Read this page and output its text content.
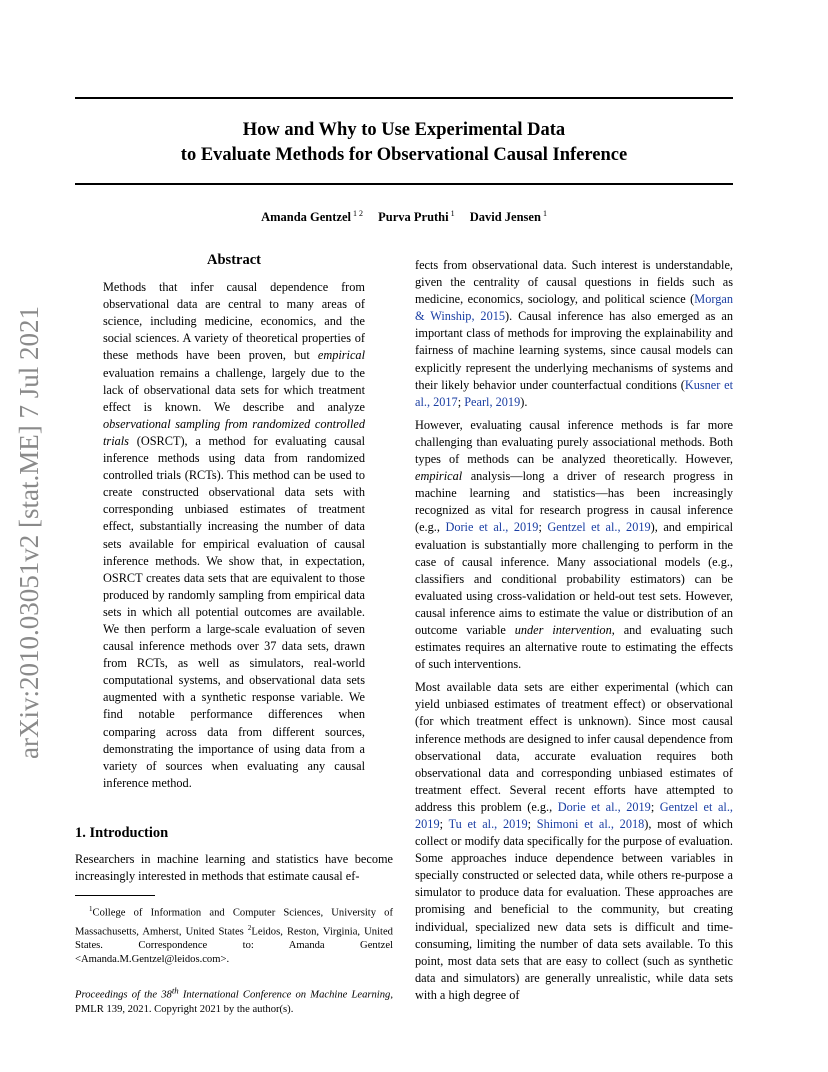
arXiv:2010.03051v2 [stat.ME] 7 Jul 2021
How and Why to Use Experimental Data
to Evaluate Methods for Observational Causal Inference
Amanda Gentzel $^{1 2}$ Purva Pruthi $^1$ David Jensen $^1$
Abstract

Methods that infer causal dependence from observational data are central to many areas of science, including medicine, economics, and the social sciences. A variety of theoretical properties of these methods have been proven, but empirical evaluation remains a challenge, largely due to the lack of observational data sets for which treatment effect is known. We describe and analyze observational sampling from randomized controlled trials (OSRCT), a method for evaluating causal inference methods using data from randomized controlled trials (RCTs). This method can be used to create constructed observational data sets with corresponding unbiased estimates of treatment effect, substantially increasing the number of data sets available for empirical evaluation of causal inference methods. We show that, in expectation, OSRCT creates data sets that are equivalent to those produced by randomly sampling from empirical data sets in which all potential outcomes are available. We then perform a large-scale evaluation of seven causal inference methods over 37 data sets, drawn from RCTs, as well as simulators, real-world computational systems, and observational data sets augmented with a synthetic response variable. We find notable performance differences when comparing across data from different sources, demonstrating the importance of using data from a variety of sources when evaluating any causal inference method.

1. Introduction

Researchers in machine learning and statistics have become increasingly interested in methods that estimate causal ef-

$^1$College of Information and Computer Sciences, University of Massachusetts, Amherst, United States $^2$Leidos, Reston, Virginia, United States. Correspondence to: Amanda Gentzel <Amanda.M.Gentzel@leidos.com>.

Proceedings of the 38th International Conference on Machine Learning, PMLR 139, 2021. Copyright 2021 by the author(s).

fects from observational data. Such interest is understandable, given the centrality of causal questions in fields such as medicine, economics, sociology, and political science (Morgan & Winship, 2015). Causal inference has also emerged as an important class of methods for improving the explainability and fairness of machine learning systems, since causal models can explicitly represent the underlying mechanisms of systems and their likely behavior under counterfactual conditions (Kusner et al., 2017; Pearl, 2019).

However, evaluating causal inference methods is far more challenging than evaluating purely associational methods. Both types of methods can be analyzed theoretically. However, empirical analysis—long a driver of research progress in machine learning and statistics—has been increasingly recognized as vital for research progress in causal inference (e.g., Dorie et al., 2019; Gentzel et al., 2019), and empirical evaluation is substantially more challenging to perform in the case of causal inference. Many associational models (e.g., classifiers and conditional probability estimators) can be evaluated using cross-validation or held-out test sets. However, causal inference aims to estimate the value or distribution of an outcome variable under intervention, and evaluating such estimates requires an alternative route to estimating the effects of such interventions.

Most available data sets are either experimental (which can yield unbiased estimates of treatment effect) or observational (for which treatment effect is unknown). Since most causal inference methods are designed to infer causal dependence from observational data, accurate evaluation requires both observational data and corresponding unbiased estimates of treatment effect. Several recent efforts have attempted to address this problem (e.g., Dorie et al., 2019; Gentzel et al., 2019; Tu et al., 2019; Shimoni et al., 2018), most of which collect or modify data specifically for the purpose of evaluation. Some approaches induce dependence between variables in specially constructed or selected data, while others re-purpose a simulator to produce data for evaluation. These approaches are promising and beneficial to the community, but creating individual, specialized new data sets is difficult and time-consuming, limiting the number of data sets available. To this point, most data sets that are easy to collect (such as synthetic data and simulators) are generally unrealistic, while data sets with a high degree of
